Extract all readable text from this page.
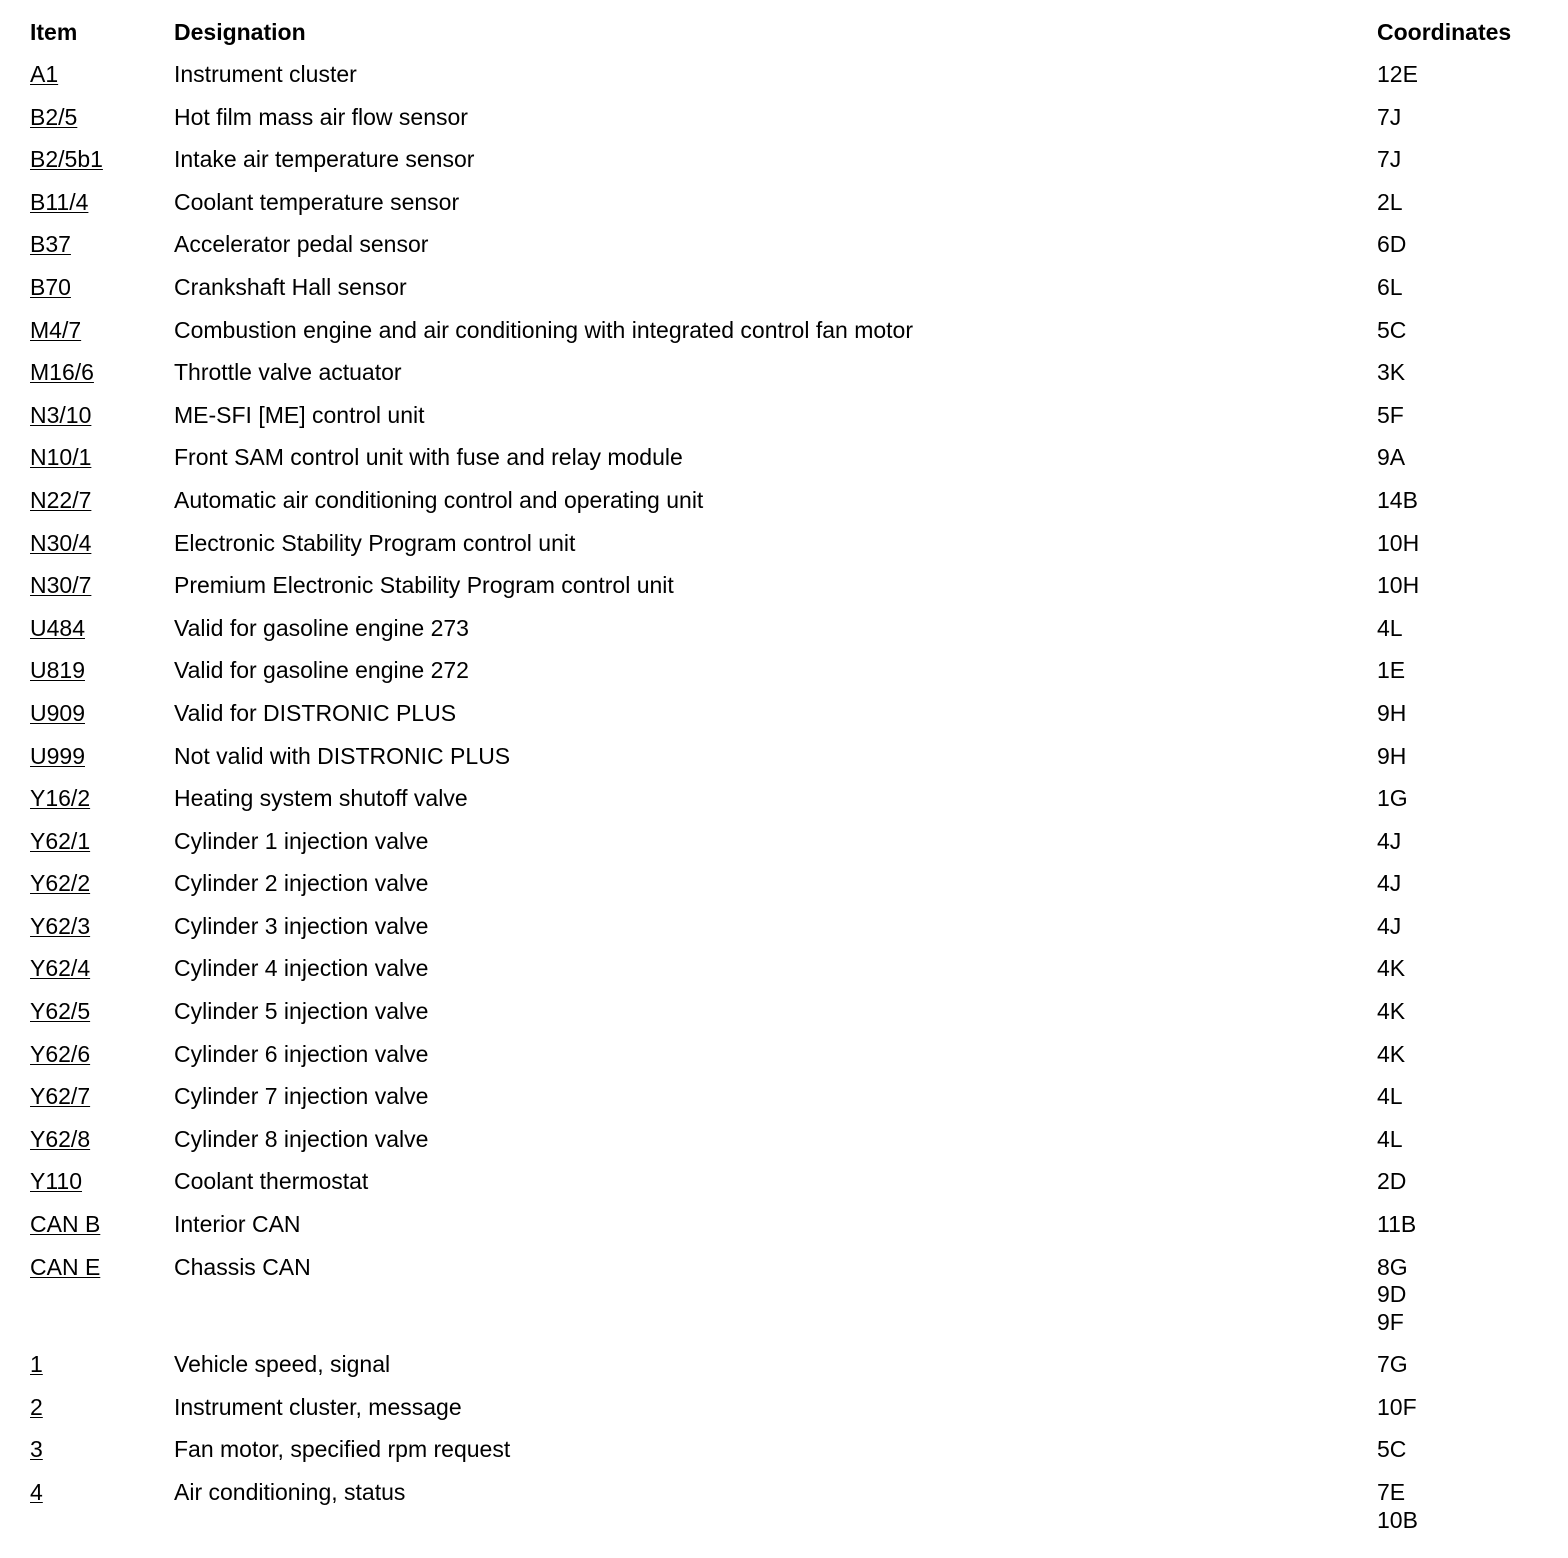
Item	Designation	Coordinates
A1	Instrument cluster	12E
B2/5	Hot film mass air flow sensor	7J
B2/5b1	Intake air temperature sensor	7J
B11/4	Coolant temperature sensor	2L
B37	Accelerator pedal sensor	6D
B70	Crankshaft Hall sensor	6L
M4/7	Combustion engine and air conditioning with integrated control fan motor	5C
M16/6	Throttle valve actuator	3K
N3/10	ME-SFI [ME] control unit	5F
N10/1	Front SAM control unit with fuse and relay module	9A
N22/7	Automatic air conditioning control and operating unit	14B
N30/4	Electronic Stability Program control unit	10H
N30/7	Premium Electronic Stability Program control unit	10H
U484	Valid for gasoline engine 273	4L
U819	Valid for gasoline engine 272	1E
U909	Valid for DISTRONIC PLUS	9H
U999	Not valid with DISTRONIC PLUS	9H
Y16/2	Heating system shutoff valve	1G
Y62/1	Cylinder 1 injection valve	4J
Y62/2	Cylinder 2 injection valve	4J
Y62/3	Cylinder 3 injection valve	4J
Y62/4	Cylinder 4 injection valve	4K
Y62/5	Cylinder 5 injection valve	4K
Y62/6	Cylinder 6 injection valve	4K
Y62/7	Cylinder 7 injection valve	4L
Y62/8	Cylinder 8 injection valve	4L
Y110	Coolant thermostat	2D
CAN B	Interior CAN	11B
CAN E	Chassis CAN	8G
9D
9F
1	Vehicle speed, signal	7G
2	Instrument cluster, message	10F
3	Fan motor, specified rpm request	5C
4	Air conditioning, status	7E
10B
